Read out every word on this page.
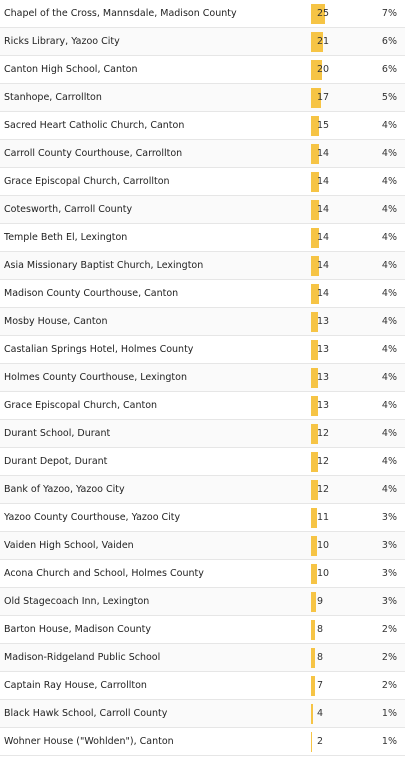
Chapel of the Cross, Mannsdale, Madison County	25	7%
Ricks Library, Yazoo City	21	6%
Canton High School, Canton	20	6%
Stanhope, Carrollton	17	5%
Sacred Heart Catholic Church, Canton	15	4%
Carroll County Courthouse, Carrollton	14	4%
Grace Episcopal Church, Carrollton	14	4%
Cotesworth, Carroll County	14	4%
Temple Beth El, Lexington	14	4%
Asia Missionary Baptist Church, Lexington	14	4%
Madison County Courthouse, Canton	14	4%
Mosby House, Canton	13	4%
Castalian Springs Hotel, Holmes County	13	4%
Holmes County Courthouse, Lexington	13	4%
Grace Episcopal Church, Canton	13	4%
Durant School, Durant	12	4%
Durant Depot, Durant	12	4%
Bank of Yazoo, Yazoo City	12	4%
Yazoo County Courthouse, Yazoo City	11	3%
Vaiden High School, Vaiden	10	3%
Acona Church and School, Holmes County	10	3%
Old Stagecoach Inn, Lexington	9	3%
Barton House, Madison County	8	2%
Madison-Ridgeland Public School	8	2%
Captain Ray House, Carrollton	7	2%
Black Hawk School, Carroll County	4	1%
Wohner House ("Wohlden"), Canton	2	1%
